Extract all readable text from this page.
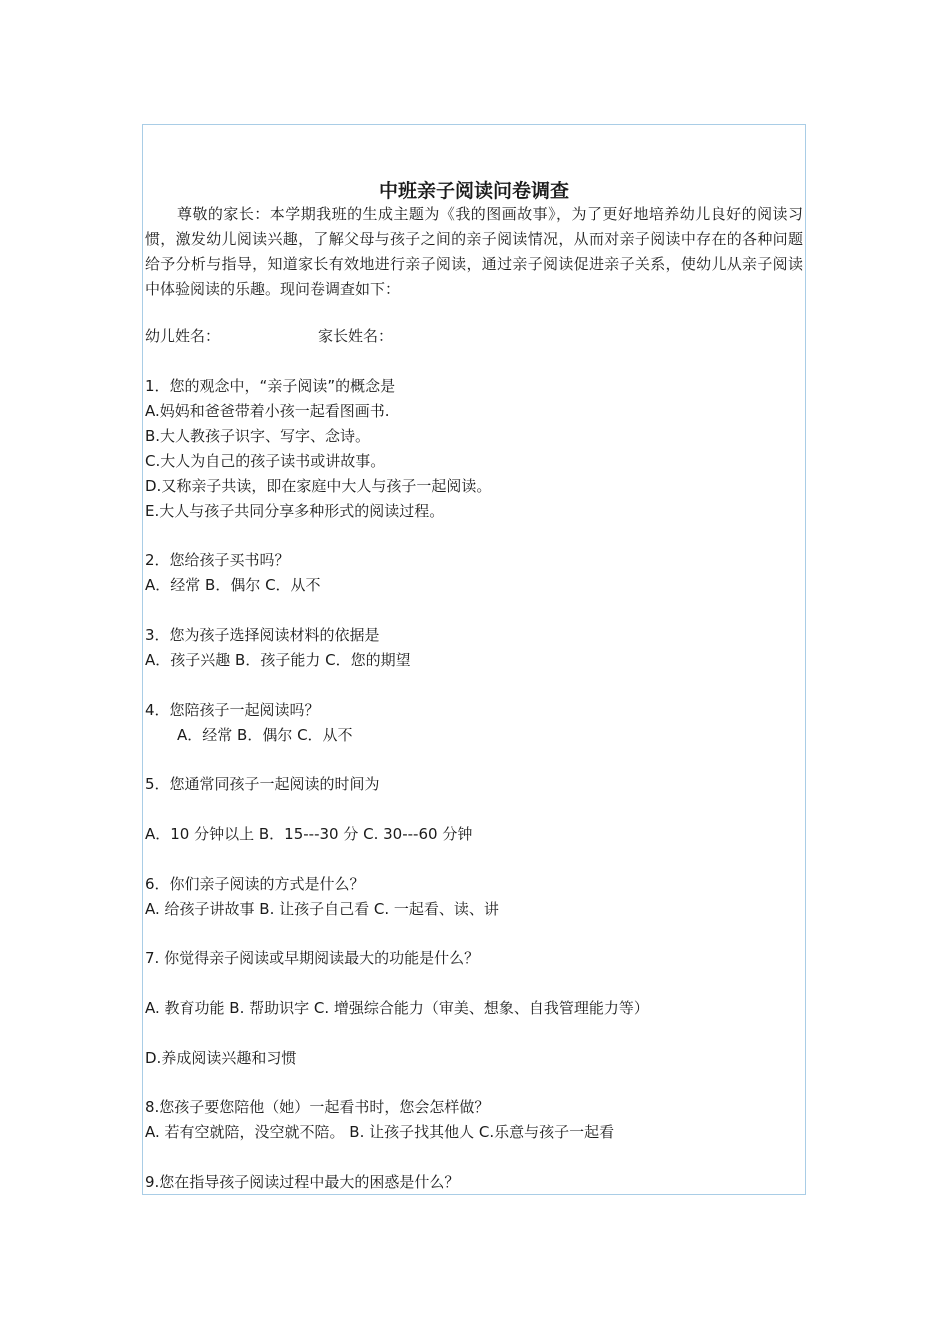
中班亲子阅读问卷调查

尊敬的家长：本学期我班的生成主题为《我的图画故事》，为了更好地培养幼儿良好的阅读习惯，激发幼儿阅读兴趣，了解父母与孩子之间的亲子阅读情况，从而对亲子阅读中存在的各种问题给予分析与指导，知道家长有效地进行亲子阅读，通过亲子阅读促进亲子关系，使幼儿从亲子阅读中体验阅读的乐趣。现问卷调查如下：

幼儿姓名：	家长姓名：
1．您的观念中，“亲子阅读”的概念是
A.妈妈和爸爸带着小孩一起看图画书.
B.大人教孩子识字、写字、念诗。
C.大人为自己的孩子读书或讲故事。
D.又称亲子共读，即在家庭中大人与孩子一起阅读。
E.大人与孩子共同分享多种形式的阅读过程。
2．您给孩子买书吗？
A．经常 B．偶尔 C．从不
3．您为孩子选择阅读材料的依据是
A．孩子兴趣 B．孩子能力 C．您的期望
4．您陪孩子一起阅读吗？
A．经常 B．偶尔 C．从不
5．您通常同孩子一起阅读的时间为
A．10 分钟以上 B．15---30 分 C. 30---60 分钟
6．你们亲子阅读的方式是什么？
A. 给孩子讲故事 B. 让孩子自己看 C. 一起看、读、讲
7. 你觉得亲子阅读或早期阅读最大的功能是什么？
A. 教育功能 B. 帮助识字 C. 增强综合能力（审美、想象、自我管理能力等）
D.养成阅读兴趣和习惯
8.您孩子要您陪他（她）一起看书时，您会怎样做？
A. 若有空就陪，没空就不陪。 B. 让孩子找其他人 C.乐意与孩子一起看
9.您在指导孩子阅读过程中最大的困惑是什么？
